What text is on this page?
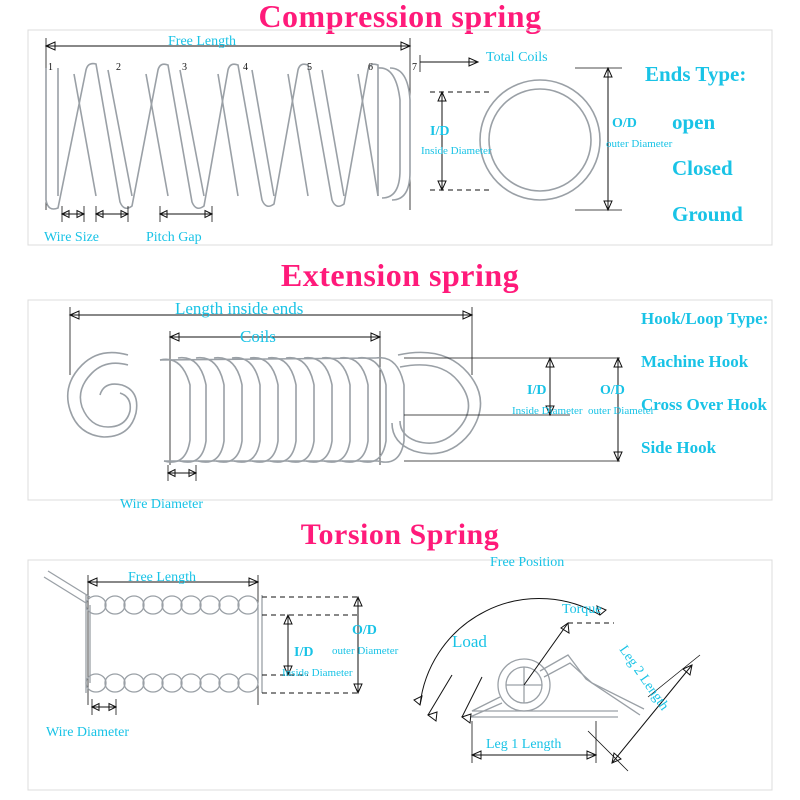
Compression spring
1	2	3	4	5	6	7
Free Length
Total Coils
I/D
Inside Diameter
O/D
outer Diameter
Wire Size	Pitch Gap
Ends Type:
open
Closed
Ground
Extension spring
Length inside ends
Coils
I/D
Inside Diameter
O/D
outer Diameter
Wire Diameter
Hook/Loop Type:
Machine Hook
Cross Over Hook
Side Hook
Torsion Spring
Free Length
I/D
Inside Diameter
O/D
outer Diameter
Wire Diameter
Free Position
Torque
Load
Leg 1 Length
Leg 2 Length
